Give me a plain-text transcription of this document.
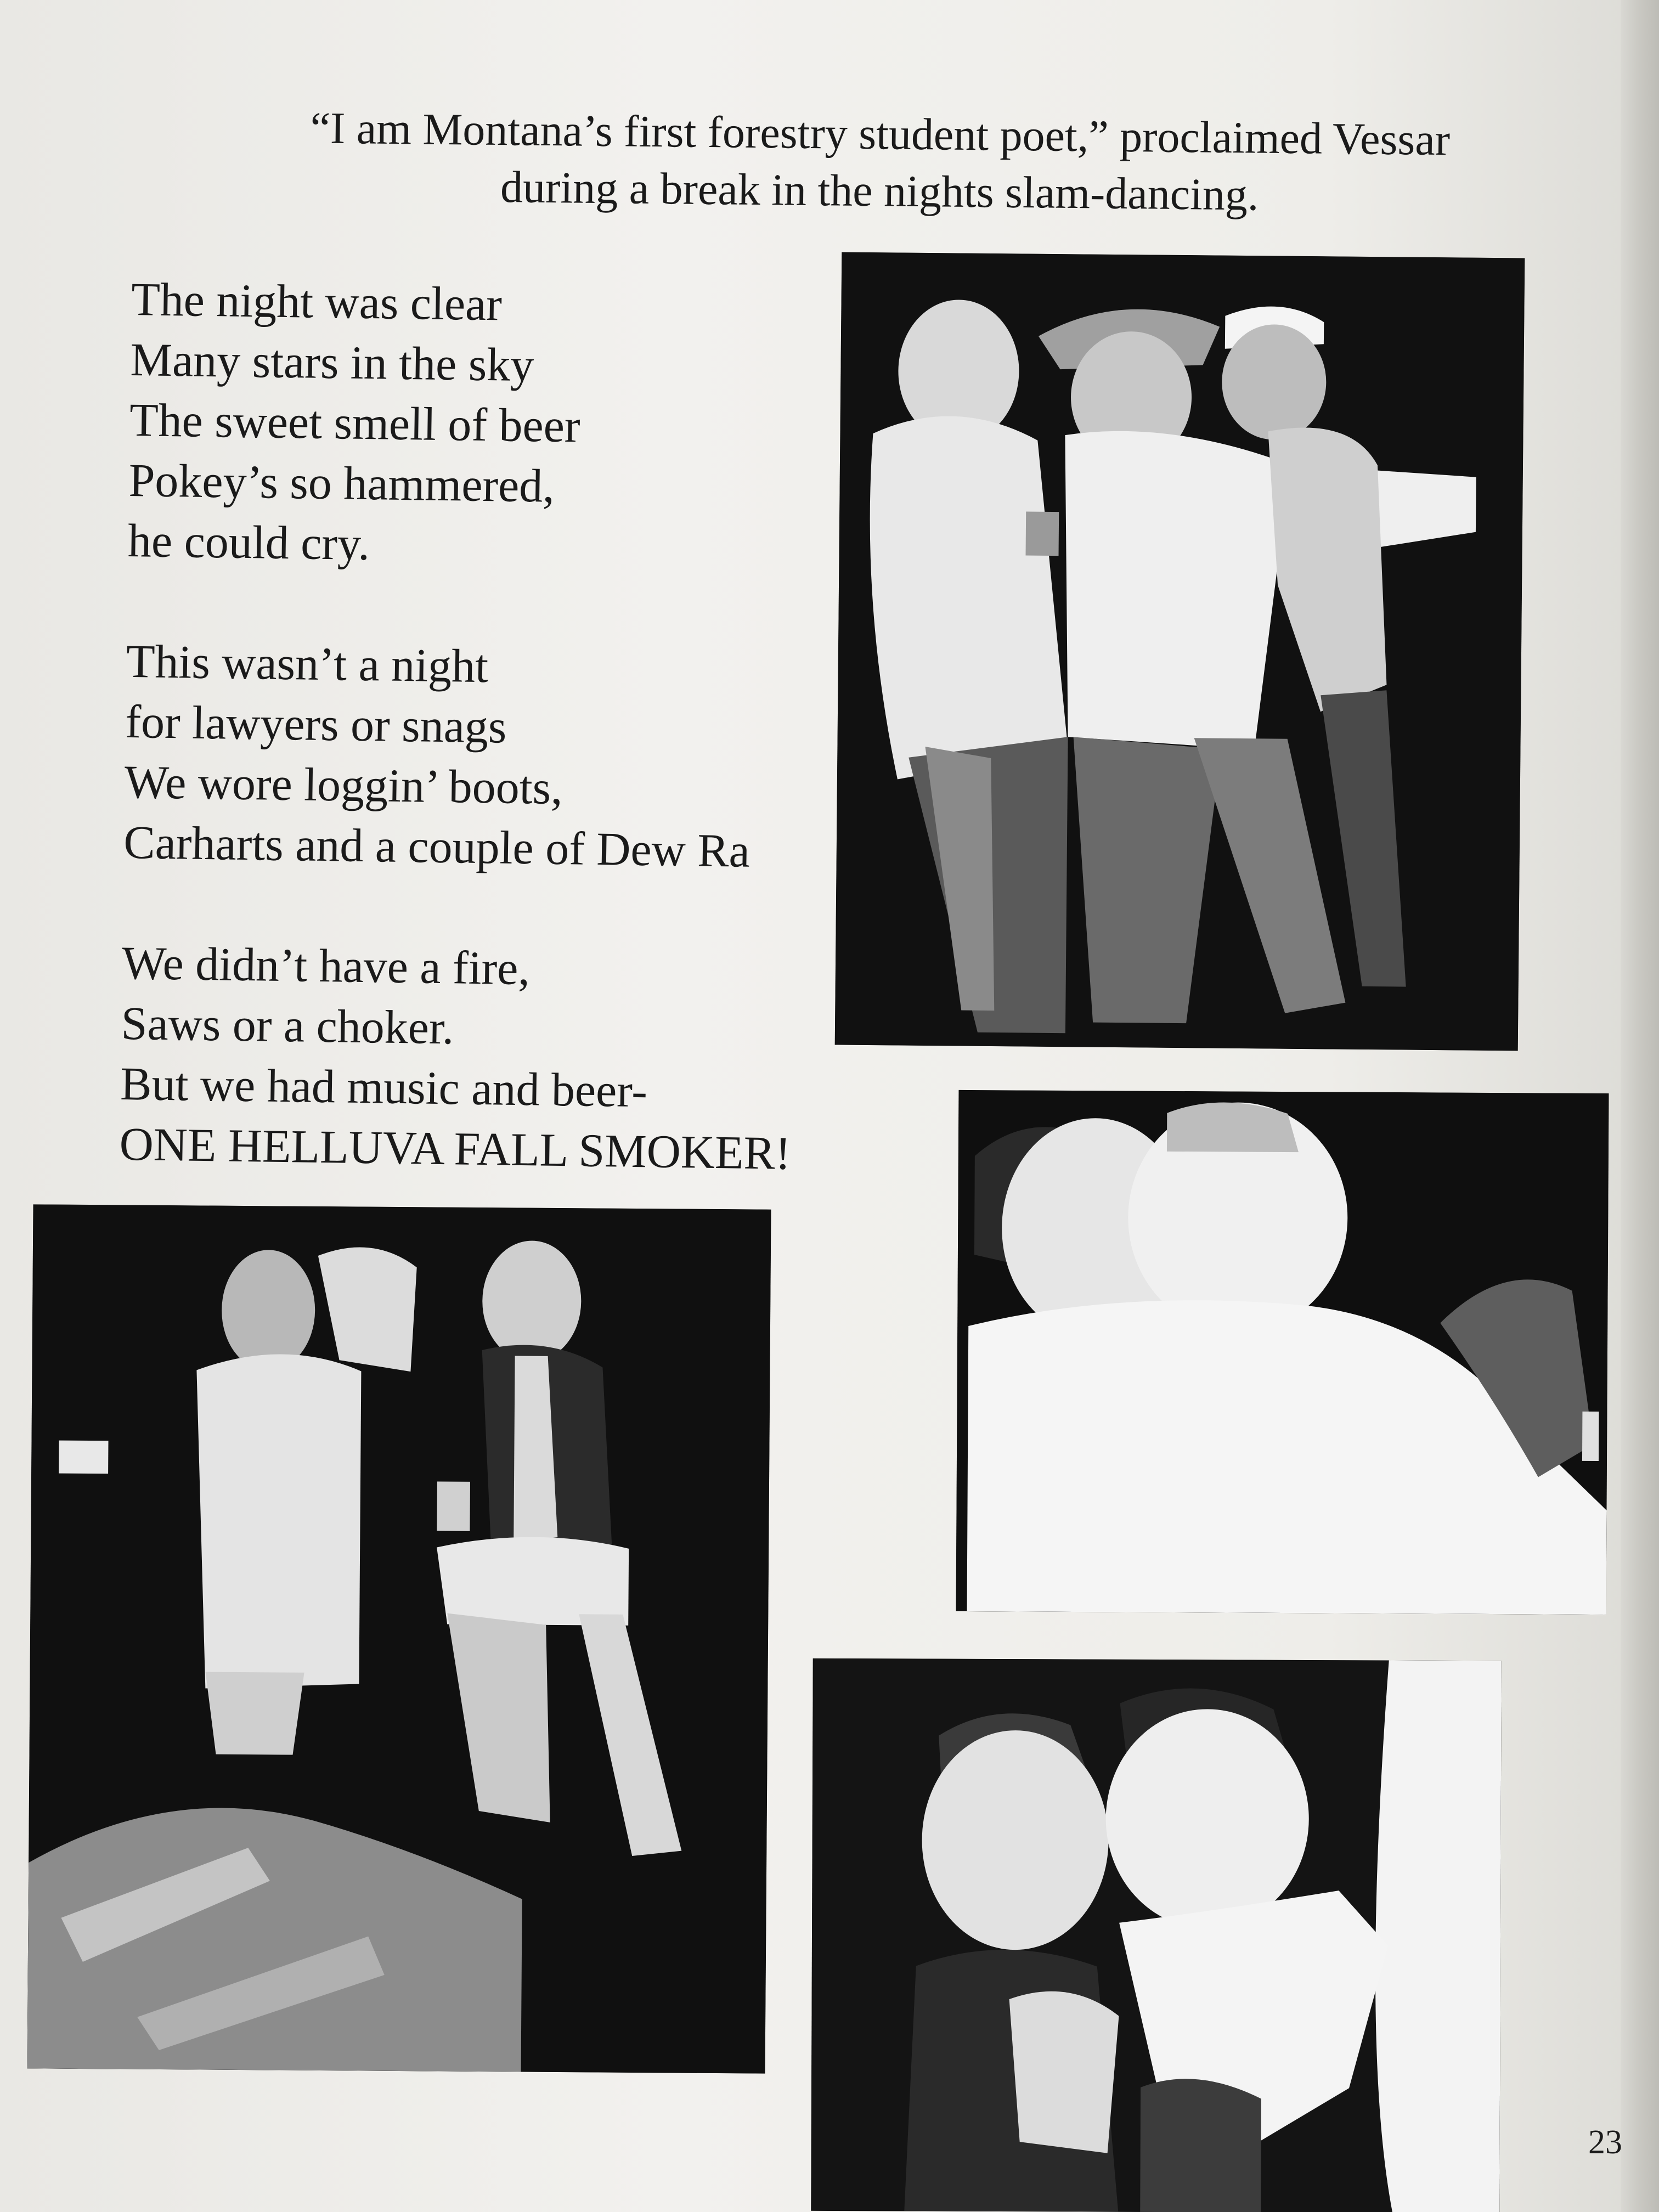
“I am Montana’s first forestry student poet,” proclaimed Vessar
during a break in the nights slam-dancing.
The night was clear
Many stars in the sky
The sweet smell of beer
Pokey’s so hammered,
he could cry.
This wasn’t a night
for lawyers or snags
We wore loggin’ boots,
Carharts and a couple of Dew Ra
We didn’t have a fire,
Saws or a choker.
But we had music and beer-
ONE HELLUVA FALL SMOKER!
23
